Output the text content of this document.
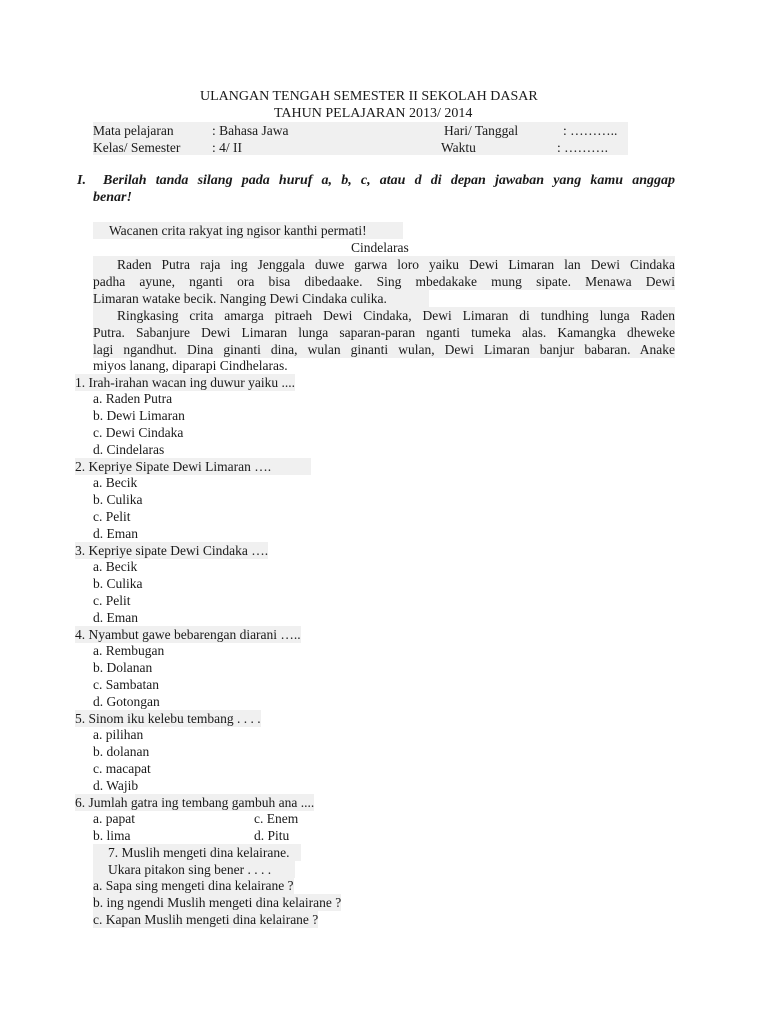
ULANGAN TENGAH SEMESTER II SEKOLAH DASAR
TAHUN PELAJARAN 2013/ 2014
Mata pelajaran	: Bahasa Jawa	Hari/ Tanggal	: ………..
Kelas/ Semester : 4/ II	Waktu	: ……….
I. Berilah tanda silang pada huruf a, b, c, atau d di depan jawaban yang kamu anggap
benar!
Wacanen crita rakyat ing ngisor kanthi permati!
Cindelaras
Raden Putra raja ing Jenggala duwe garwa loro yaiku Dewi Limaran lan Dewi Cindaka
padha ayune, nganti ora bisa dibedaake. Sing mbedakake mung sipate. Menawa Dewi
Limaran watake becik. Nanging Dewi Cindaka culika.
Ringkasing crita amarga pitraeh Dewi Cindaka, Dewi Limaran di tundhing lunga Raden
Putra. Sabanjure Dewi Limaran lunga saparan-paran nganti tumeka alas. Kamangka dheweke
lagi ngandhut. Dina ginanti dina, wulan ginanti wulan, Dewi Limaran banjur babaran. Anake
miyos lanang, diparapi Cindhelaras.
1. Irah-irahan wacan ing duwur yaiku ....
a. Raden Putra
b. Dewi Limaran
c. Dewi Cindaka
d. Cindelaras
2. Kepriye Sipate Dewi Limaran ….
a. Becik
b. Culika
c. Pelit
d. Eman
3. Kepriye sipate Dewi Cindaka ….
a. Becik
b. Culika
c. Pelit
d. Eman
4. Nyambut gawe bebarengan diarani …..
a. Rembugan
b. Dolanan
c. Sambatan
d. Gotongan
5. Sinom iku kelebu tembang . . . .
a. pilihan
b. dolanan
c. macapat
d. Wajib
6. Jumlah gatra ing tembang gambuh ana ....
a. papat	c. Enem
b. lima	d. Pitu
7. Muslih mengeti dina kelairane.
Ukara pitakon sing bener . . . .
a. Sapa sing mengeti dina kelairane ?
b. ing ngendi Muslih mengeti dina kelairane ?
c. Kapan Muslih mengeti dina kelairane ?
